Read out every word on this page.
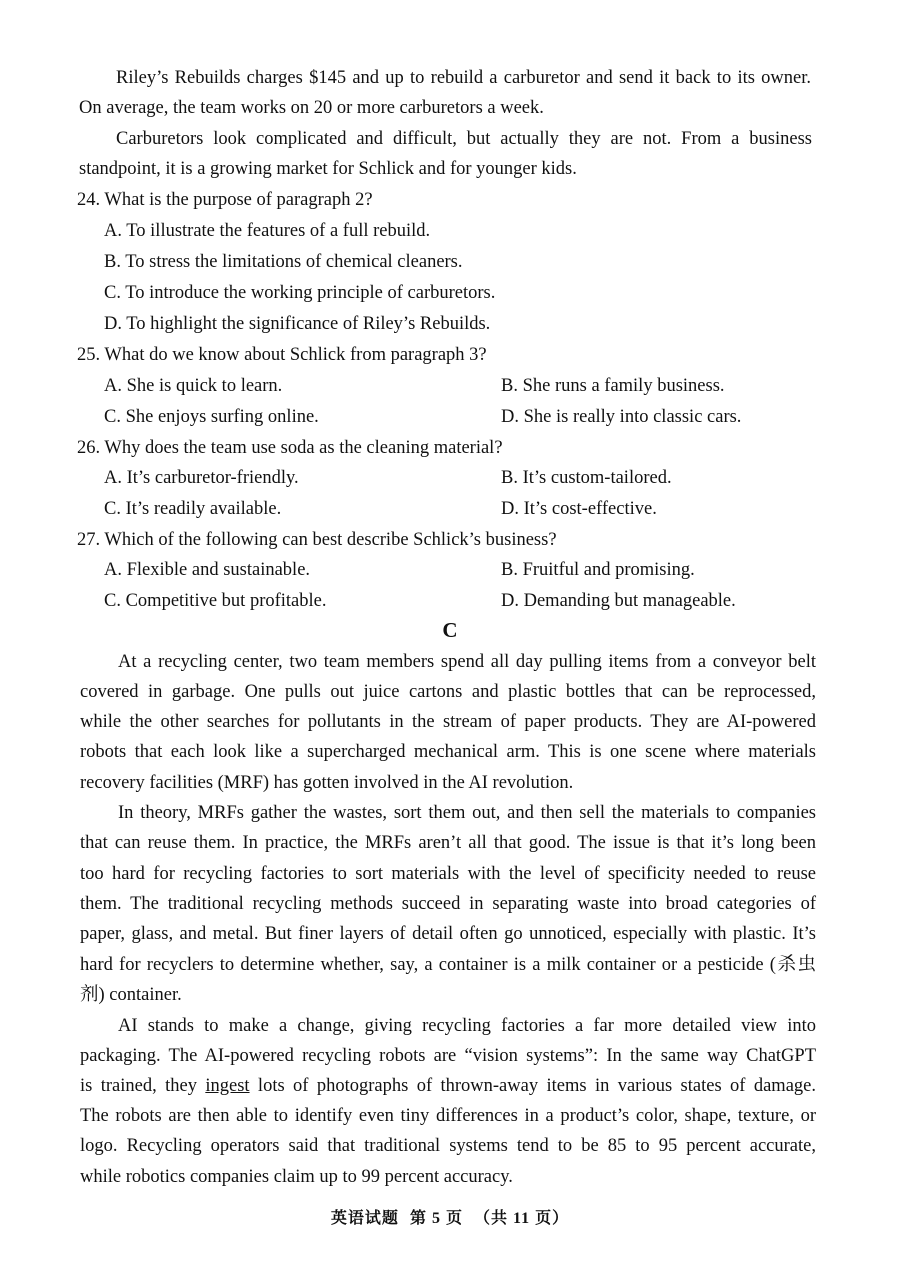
Riley’s Rebuilds charges $145 and up to rebuild a carburetor and send it back to its owner.
On average, the team works on 20 or more carburetors a week.
Carburetors look complicated and difficult, but actually they are not. From a business
standpoint, it is a growing market for Schlick and for younger kids.
24. What is the purpose of paragraph 2?
A. To illustrate the features of a full rebuild.
B. To stress the limitations of chemical cleaners.
C. To introduce the working principle of carburetors.
D. To highlight the significance of Riley’s Rebuilds.
25. What do we know about Schlick from paragraph 3?
A. She is quick to learn.	B. She runs a family business.
C. She enjoys surfing online.	D. She is really into classic cars.
26. Why does the team use soda as the cleaning material?
A. It’s carburetor-friendly.	B. It’s custom-tailored.
C. It’s readily available.	D. It’s cost-effective.
27. Which of the following can best describe Schlick’s business?
A. Flexible and sustainable.	B. Fruitful and promising.
C. Competitive but profitable.	D. Demanding but manageable.
C
At a recycling center, two team members spend all day pulling items from a conveyor belt
covered in garbage. One pulls out juice cartons and plastic bottles that can be reprocessed,
while the other searches for pollutants in the stream of paper products. They are AI-powered
robots that each look like a supercharged mechanical arm. This is one scene where materials
recovery facilities (MRF) has gotten involved in the AI revolution.
In theory, MRFs gather the wastes, sort them out, and then sell the materials to companies
that can reuse them. In practice, the MRFs aren’t all that good. The issue is that it’s long been
too hard for recycling factories to sort materials with the level of specificity needed to reuse
them. The traditional recycling methods succeed in separating waste into broad categories of
paper, glass, and metal. But finer layers of detail often go unnoticed, especially with plastic. It’s
hard for recyclers to determine whether, say, a container is a milk container or a pesticide (杀虫
剂) container.
AI stands to make a change, giving recycling factories a far more detailed view into
packaging. The AI-powered recycling robots are “vision systems”: In the same way ChatGPT
is trained, they ingest lots of photographs of thrown-away items in various states of damage.
The robots are then able to identify even tiny differences in a product’s color, shape, texture, or
logo. Recycling operators said that traditional systems tend to be 85 to 95 percent accurate,
while robotics companies claim up to 99 percent accuracy.
英语试题 第 5 页 （共 11 页）
